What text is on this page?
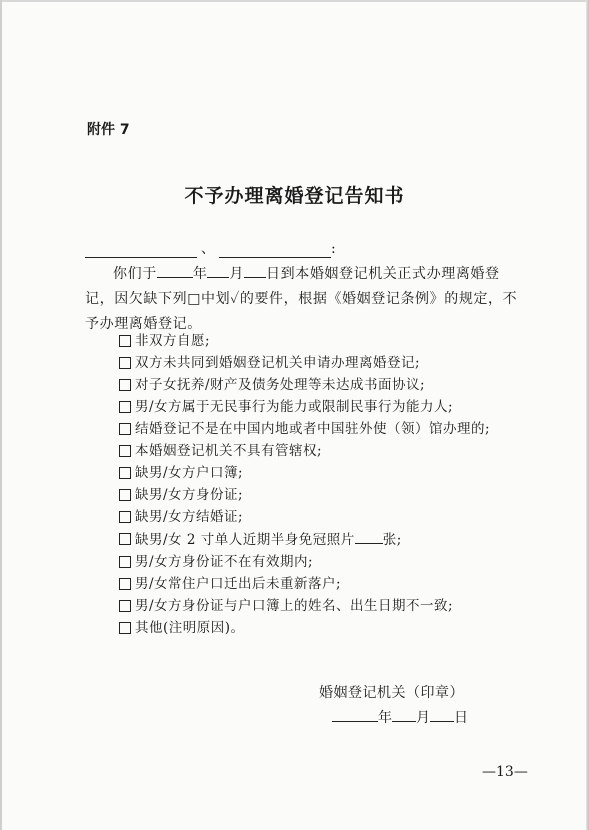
附件 7
不予办理离婚登记告知书
、	:
你们于	年 月 日到本婚姻登记机关正式办理离婚登记，因欠缺下列□中划✓的要件，根据《婚姻登记条例》的规定，不予办理离婚登记。
非双方自愿;
双方未共同到婚姻登记机关申请办理离婚登记;
对子女抚养/财产及债务处理等未达成书面协议;
男/女方属于无民事行为能力或限制民事行为能力人;
结婚登记不是在中国内地或者中国驻外使（领）馆办理的;
本婚姻登记机关不具有管辖权;
缺男/女方户口簿;
缺男/女方身份证;
缺男/女方结婚证;
缺男/女 2 寸单人近期半身免冠照片 张;
男/女方身份证不在有效期内;
男/女常住户口迁出后未重新落户;
男/女方身份证与户口簿上的姓名、出生日期不一致;
其他(注明原因)。
婚姻登记机关（印章）
年 月 日
—13—
